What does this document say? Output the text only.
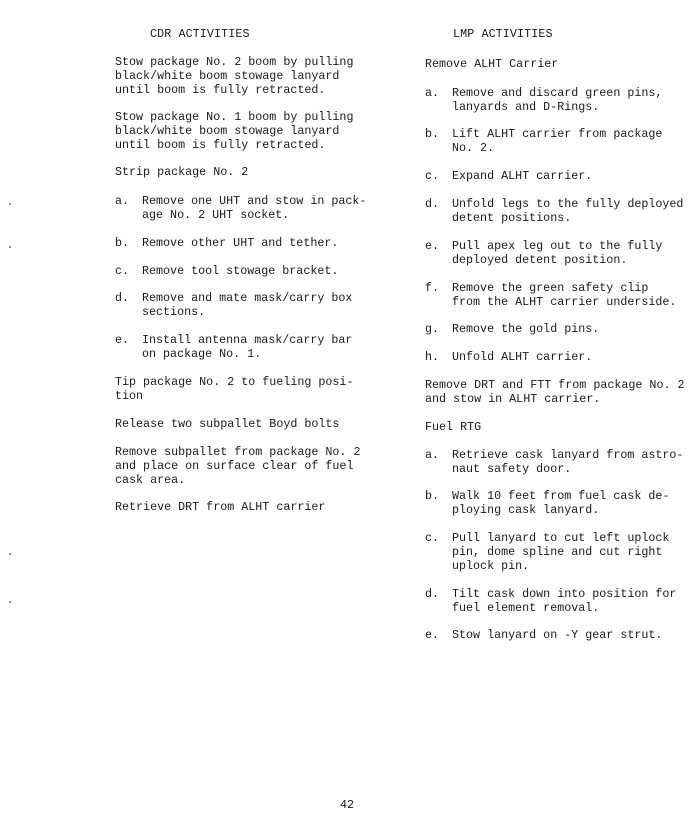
CDR ACTIVITIES	LMP ACTIVITIES
Stow package No. 2 boom by pulling
black/white boom stowage lanyard
until boom is fully retracted.
Stow package No. 1 boom by pulling
black/white boom stowage lanyard
until boom is fully retracted.
Strip package No. 2
a.	Remove one UHT and stow in pack-
age No. 2 UHT socket.
b.	Remove other UHT and tether.
c.	Remove tool stowage bracket.
d.	Remove and mate mask/carry box
sections.
e.	Install antenna mask/carry bar
on package No. 1.
Tip package No. 2 to fueling posi-
tion
Release two subpallet Boyd bolts
Remove subpallet from package No. 2
and place on surface clear of fuel
cask area.
Retrieve DRT from ALHT carrier
Remove ALHT Carrier
a.	Remove and discard green pins,
lanyards and D-Rings.
b.	Lift ALHT carrier from package
No. 2.
c.	Expand ALHT carrier.
d.	Unfold legs to the fully deployed
detent positions.
e.	Pull apex leg out to the fully
deployed detent position.
f.	Remove the green safety clip
from the ALHT carrier underside.
g.	Remove the gold pins.
h.	Unfold ALHT carrier.
Remove DRT and FTT from package No. 2
and stow in ALHT carrier.
Fuel RTG
a.	Retrieve cask lanyard from astro-
naut safety door.
b.	Walk 10 feet from fuel cask de-
ploying cask lanyard.
c.	Pull lanyard to cut left uplock
pin, dome spline and cut right
uplock pin.
d.	Tilt cask down into position for
fuel element removal.
e.	Stow lanyard on -Y gear strut.
42
